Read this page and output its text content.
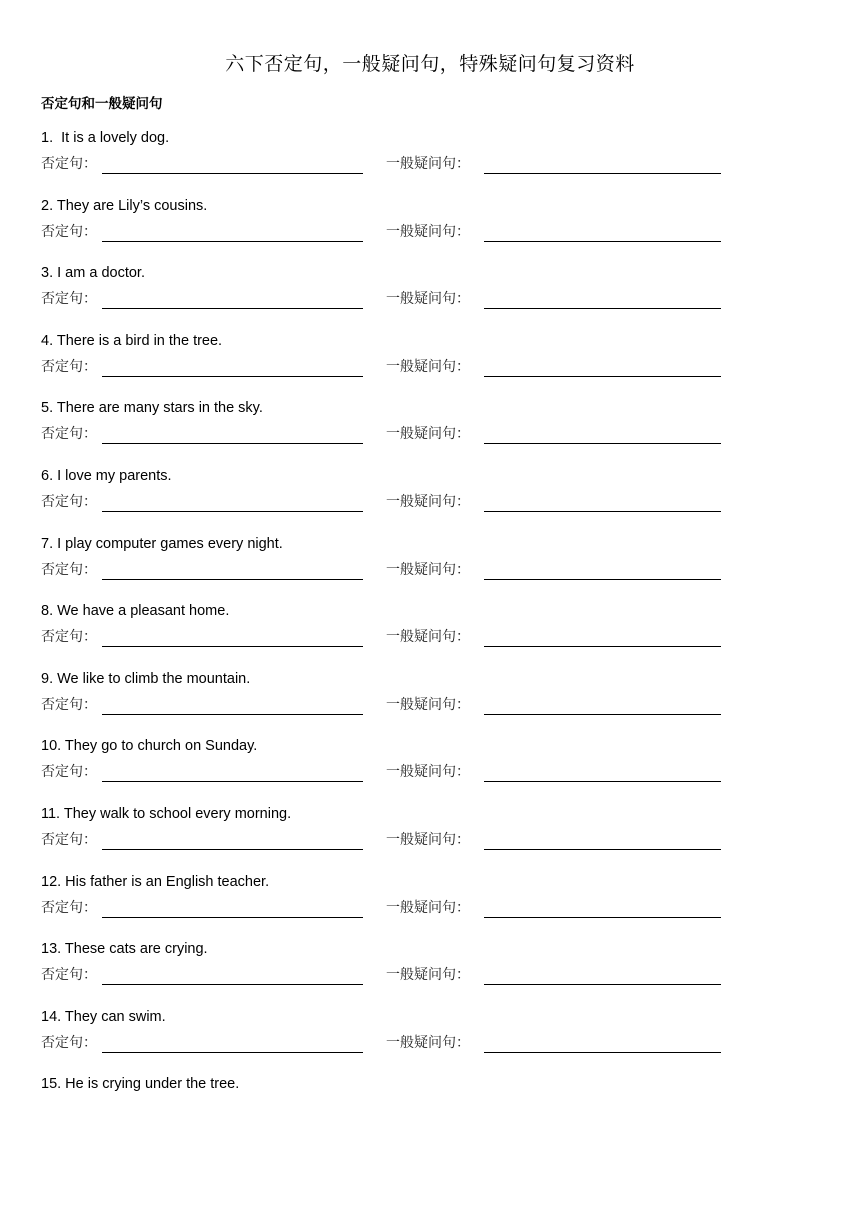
六下否定句，一般疑问句，特殊疑问句复习资料
否定句和一般疑问句
1.  It is a lovely dog.
否定句：	一般疑问句：
2. They are Lily’s cousins.
否定句：	一般疑问句：
3. I am a doctor.
否定句：	一般疑问句：
4. There is a bird in the tree.
否定句：	一般疑问句：
5. There are many stars in the sky.
否定句：	一般疑问句：
6. I love my parents.
否定句：	一般疑问句：
7. I play computer games every night.
否定句：	一般疑问句：
8. We have a pleasant home.
否定句：	一般疑问句：
9. We like to climb the mountain.
否定句：	一般疑问句：
10. They go to church on Sunday.
否定句：	一般疑问句：
11. They walk to school every morning.
否定句：	一般疑问句：
12. His father is an English teacher.
否定句：	一般疑问句：
13. These cats are crying.
否定句：	一般疑问句：
14. They can swim.
否定句：	一般疑问句：
15. He is crying under the tree.
